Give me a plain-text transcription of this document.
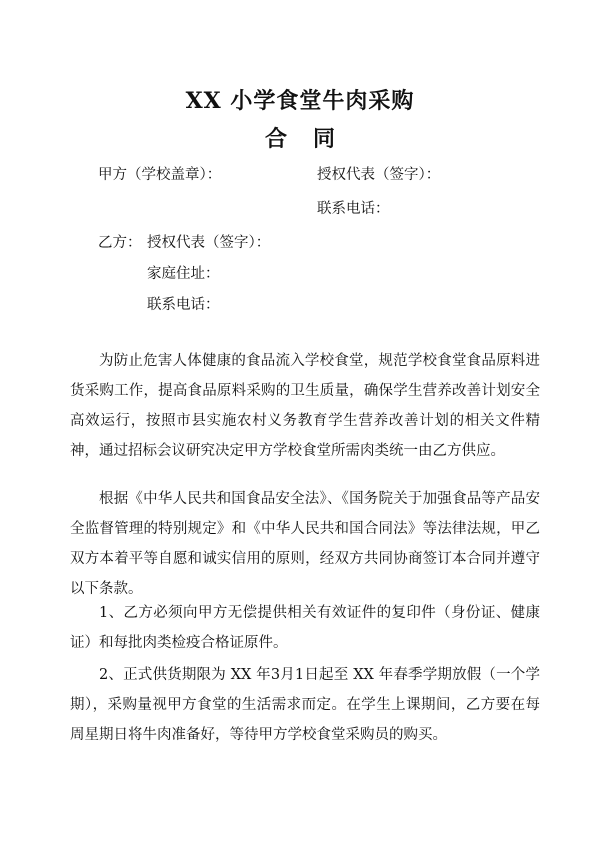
XX 小学食堂牛肉采购
合 同
甲方（学校盖章）：	授权代表（签字）：
联系电话：
乙方： 授权代表（签字）：
家庭住址：
联系电话：

为防止危害人体健康的食品流入学校食堂，规范学校食堂食品原料进货采购工作，提高食品原料采购的卫生质量，确保学生营养改善计划安全高效运行，按照市县实施农村义务教育学生营养改善计划的相关文件精神，通过招标会议研究决定甲方学校食堂所需肉类统一由乙方供应。

根据《中华人民共和国食品安全法》、《国务院关于加强食品等产品安全监督管理的特别规定》和《中华人民共和国合同法》等法律法规，甲乙双方本着平等自愿和诚实信用的原则，经双方共同协商签订本合同并遵守以下条款。

1、乙方必须向甲方无偿提供相关有效证件的复印件（身份证、健康证）和每批肉类检疫合格证原件。

2、正式供货期限为 XX 年3月1日起至 XX 年春季学期放假（一个学期），采购量视甲方食堂的生活需求而定。在学生上课期间，乙方要在每周星期日将牛肉准备好，等待甲方学校食堂采购员的购买。
